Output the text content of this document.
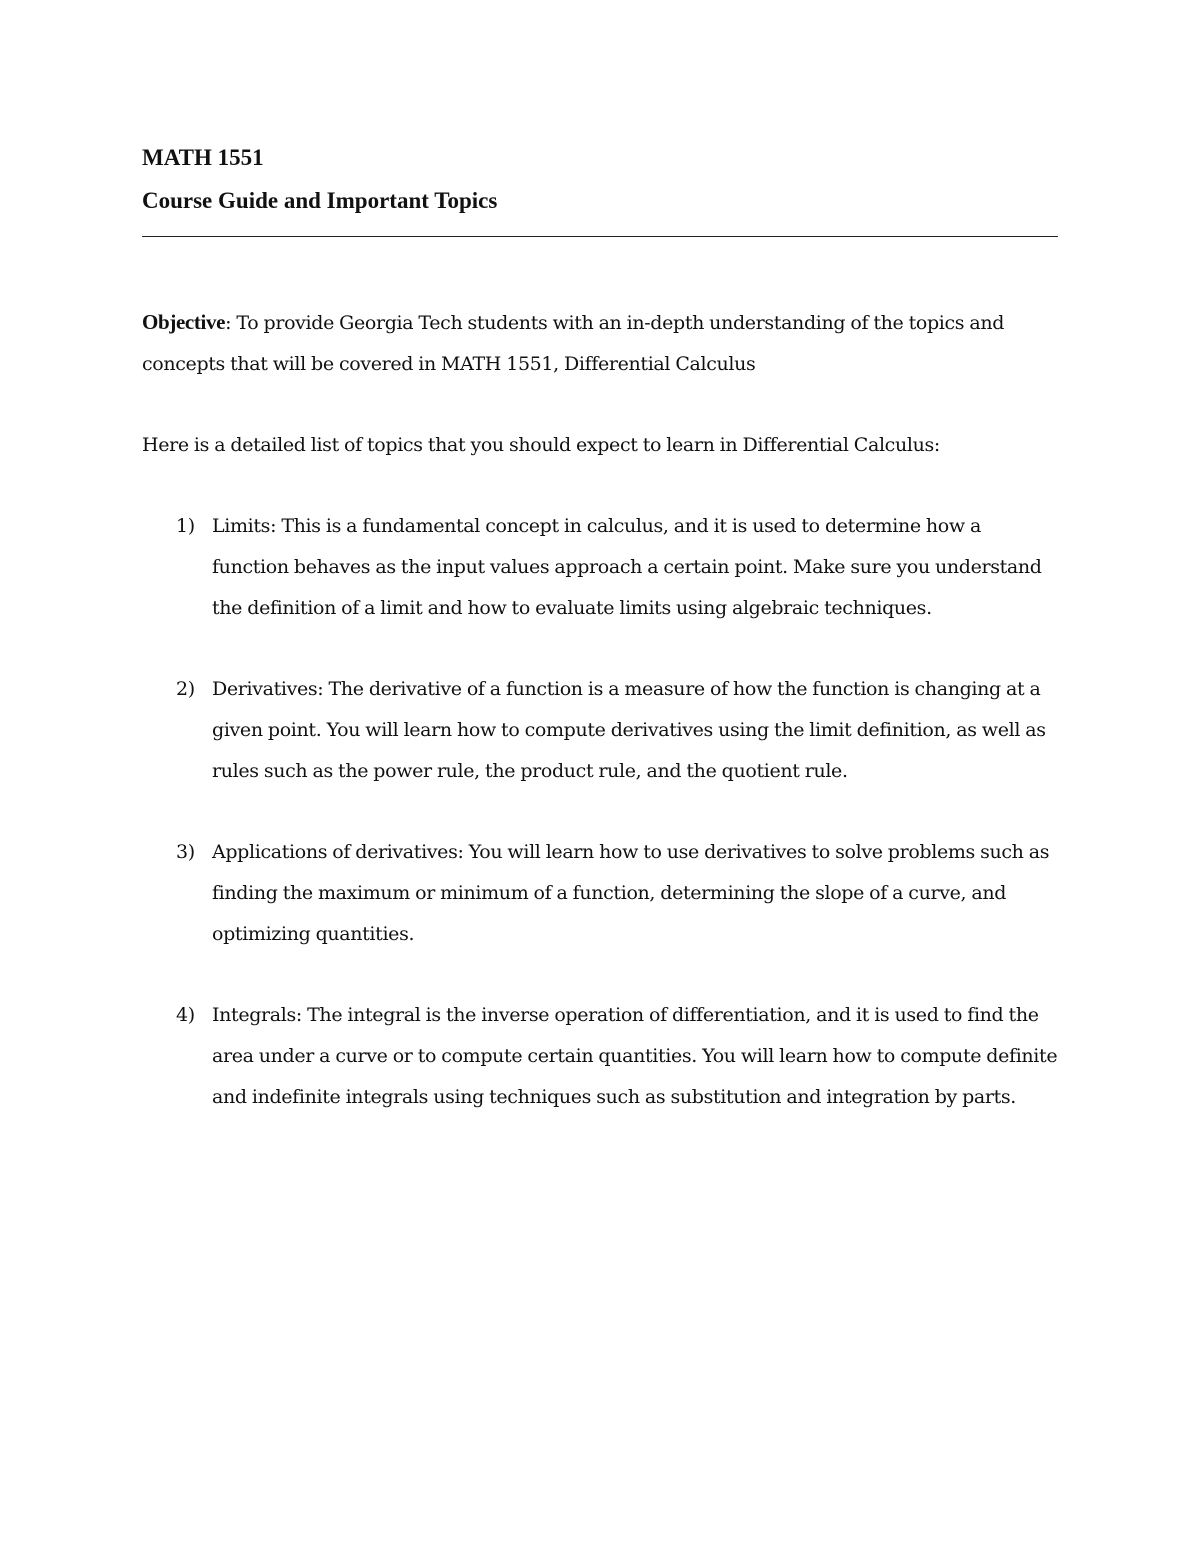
MATH 1551
Course Guide and Important Topics

Objective: To provide Georgia Tech students with an in-depth understanding of the topics and concepts that will be covered in MATH 1551, Differential Calculus

Here is a detailed list of topics that you should expect to learn in Differential Calculus:

1) Limits: This is a fundamental concept in calculus, and it is used to determine how a function behaves as the input values approach a certain point. Make sure you understand the definition of a limit and how to evaluate limits using algebraic techniques.
2) Derivatives: The derivative of a function is a measure of how the function is changing at a given point. You will learn how to compute derivatives using the limit definition, as well as rules such as the power rule, the product rule, and the quotient rule.
3) Applications of derivatives: You will learn how to use derivatives to solve problems such as finding the maximum or minimum of a function, determining the slope of a curve, and optimizing quantities.
4) Integrals: The integral is the inverse operation of differentiation, and it is used to find the area under a curve or to compute certain quantities. You will learn how to compute definite and indefinite integrals using techniques such as substitution and integration by parts.
